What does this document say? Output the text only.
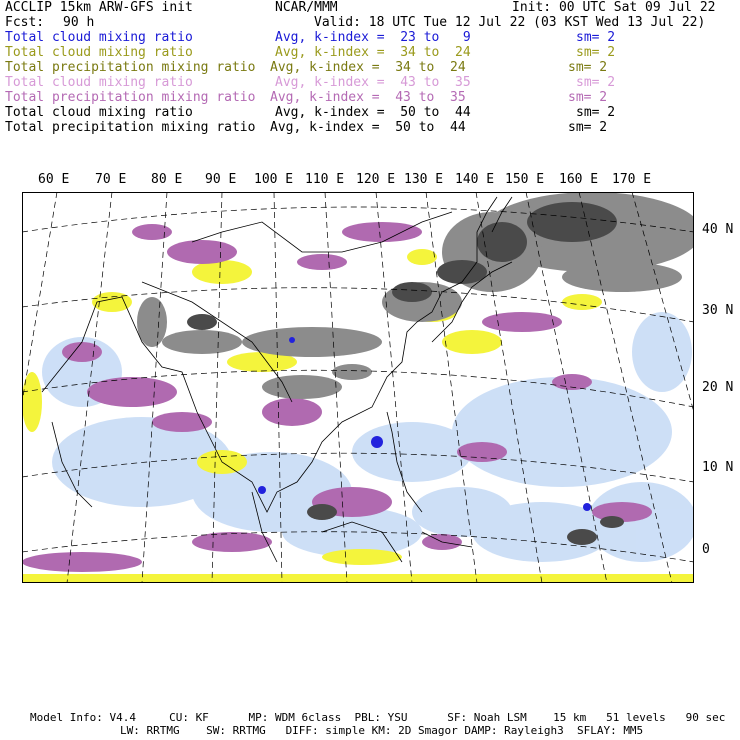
ACCLIP 15km ARW-GFS init	NCAR/MMM	Init: 00 UTC Sat 09 Jul 22
Fcst: 90 h	Valid: 18 UTC Tue 12 Jul 22 (03 KST Wed 13 Jul 22)
Total cloud mixing ratio	Avg, k-index =  23 to   9	sm= 2
Total cloud mixing ratio	Avg, k-index =  34 to  24	sm= 2
Total precipitation mixing ratio Avg, k-index =  34 to  24	sm= 2
Total cloud mixing ratio	Avg, k-index =  43 to  35	sm= 2
Total precipitation mixing ratio Avg, k-index =  43 to  35	sm= 2
Total cloud mixing ratio	Avg, k-index =  50 to  44	sm= 2
Total precipitation mixing ratio Avg, k-index =  50 to  44	sm= 2
60 E 70 E 80 E 90 E 100 E 110 E 120 E 130 E 140 E 150 E 160 E 170 E
40 N
30 N
20 N
10 N
0
Model Info: V4.4     CU: KF      MP: WDM 6class  PBL: YSU      SF: Noah LSM    15 km   51 levels   90 sec
LW: RRTMG    SW: RRTMG   DIFF: simple KM: 2D Smagor DAMP: Rayleigh3  SFLAY: MM5
